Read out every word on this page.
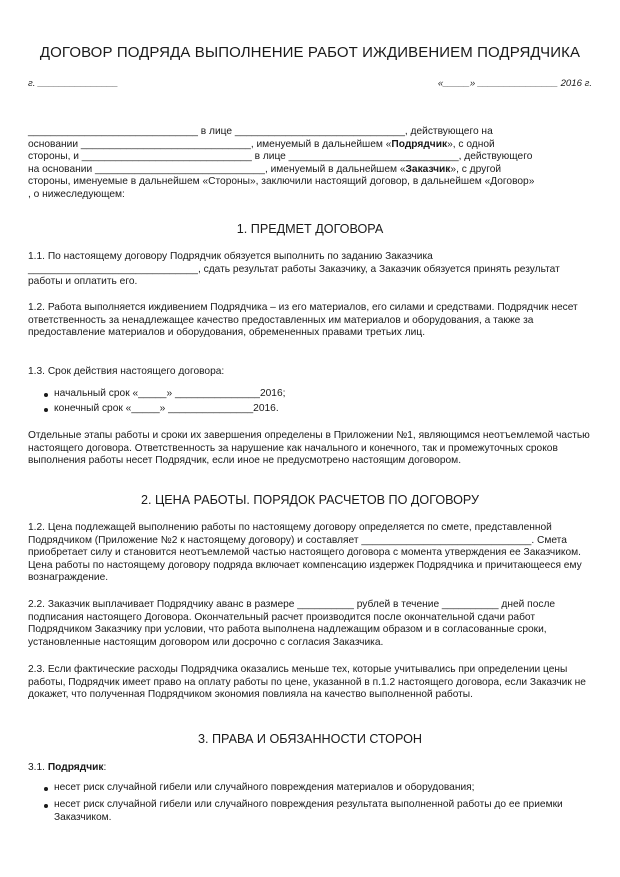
ДОГОВОР ПОДРЯДА ВЫПОЛНЕНИЕ РАБОТ ИЖДИВЕНИЕМ ПОДРЯДЧИКА
г. _______________	«_____» _______________ 2016 г.
______________________________ в лице ______________________________, действующего на
основании ______________________________, именуемый в дальнейшем «Подрядчик», с одной
стороны, и ______________________________ в лице ______________________________, действующего
на основании ______________________________, именуемый в дальнейшем «Заказчик», с другой
стороны, именуемые в дальнейшем «Стороны», заключили настоящий договор, в дальнейшем «Договор»
, о нижеследующем:
1. ПРЕДМЕТ ДОГОВОРА
1.1. По настоящему договору Подрядчик обязуется выполнить по заданию Заказчика ______________________________, сдать результат работы Заказчику, а Заказчик обязуется принять результат работы и оплатить его.
1.2. Работа выполняется иждивением Подрядчика – из его материалов, его силами и средствами. Подрядчик несет ответственность за ненадлежащее качество предоставленных им материалов и оборудования, а также за предоставление материалов и оборудования, обремененных правами третьих лиц.
1.3. Срок действия настоящего договора:
начальный срок «_____» _______________2016;
конечный срок «_____» _______________2016.
Отдельные этапы работы и сроки их завершения определены в Приложении №1, являющимся неотъемлемой частью настоящего договора. Ответственность за нарушение как начального и конечного, так и промежуточных сроков выполнения работы несет Подрядчик, если иное не предусмотрено настоящим договором.
2. ЦЕНА РАБОТЫ. ПОРЯДОК РАСЧЕТОВ ПО ДОГОВОРУ
1.2. Цена подлежащей выполнению работы по настоящему договору определяется по смете, представленной Подрядчиком (Приложение №2 к настоящему договору) и составляет ______________________________. Смета приобретает силу и становится неотъемлемой частью настоящего договора с момента утверждения ее Заказчиком. Цена работы по настоящему договору подряда включает компенсацию издержек Подрядчика и причитающееся ему вознаграждение.
2.2. Заказчик выплачивает Подрядчику аванс в размере __________ рублей в течение __________ дней после подписания настоящего Договора. Окончательный расчет производится после окончательной сдачи работ Подрядчиком Заказчику при условии, что работа выполнена надлежащим образом и в согласованные сроки, установленные настоящим договором или досрочно с согласия Заказчика.
2.3. Если фактические расходы Подрядчика оказались меньше тех, которые учитывались при определении цены работы, Подрядчик имеет право на оплату работы по цене, указанной в п.1.2 настоящего договора, если Заказчик не докажет, что полученная Подрядчиком экономия повлияла на качество выполненной работы.
3. ПРАВА И ОБЯЗАННОСТИ СТОРОН
3.1. Подрядчик:
несет риск случайной гибели или случайного повреждения материалов и оборудования;
несет риск случайной гибели или случайного повреждения результата выполненной работы до ее приемки Заказчиком.
